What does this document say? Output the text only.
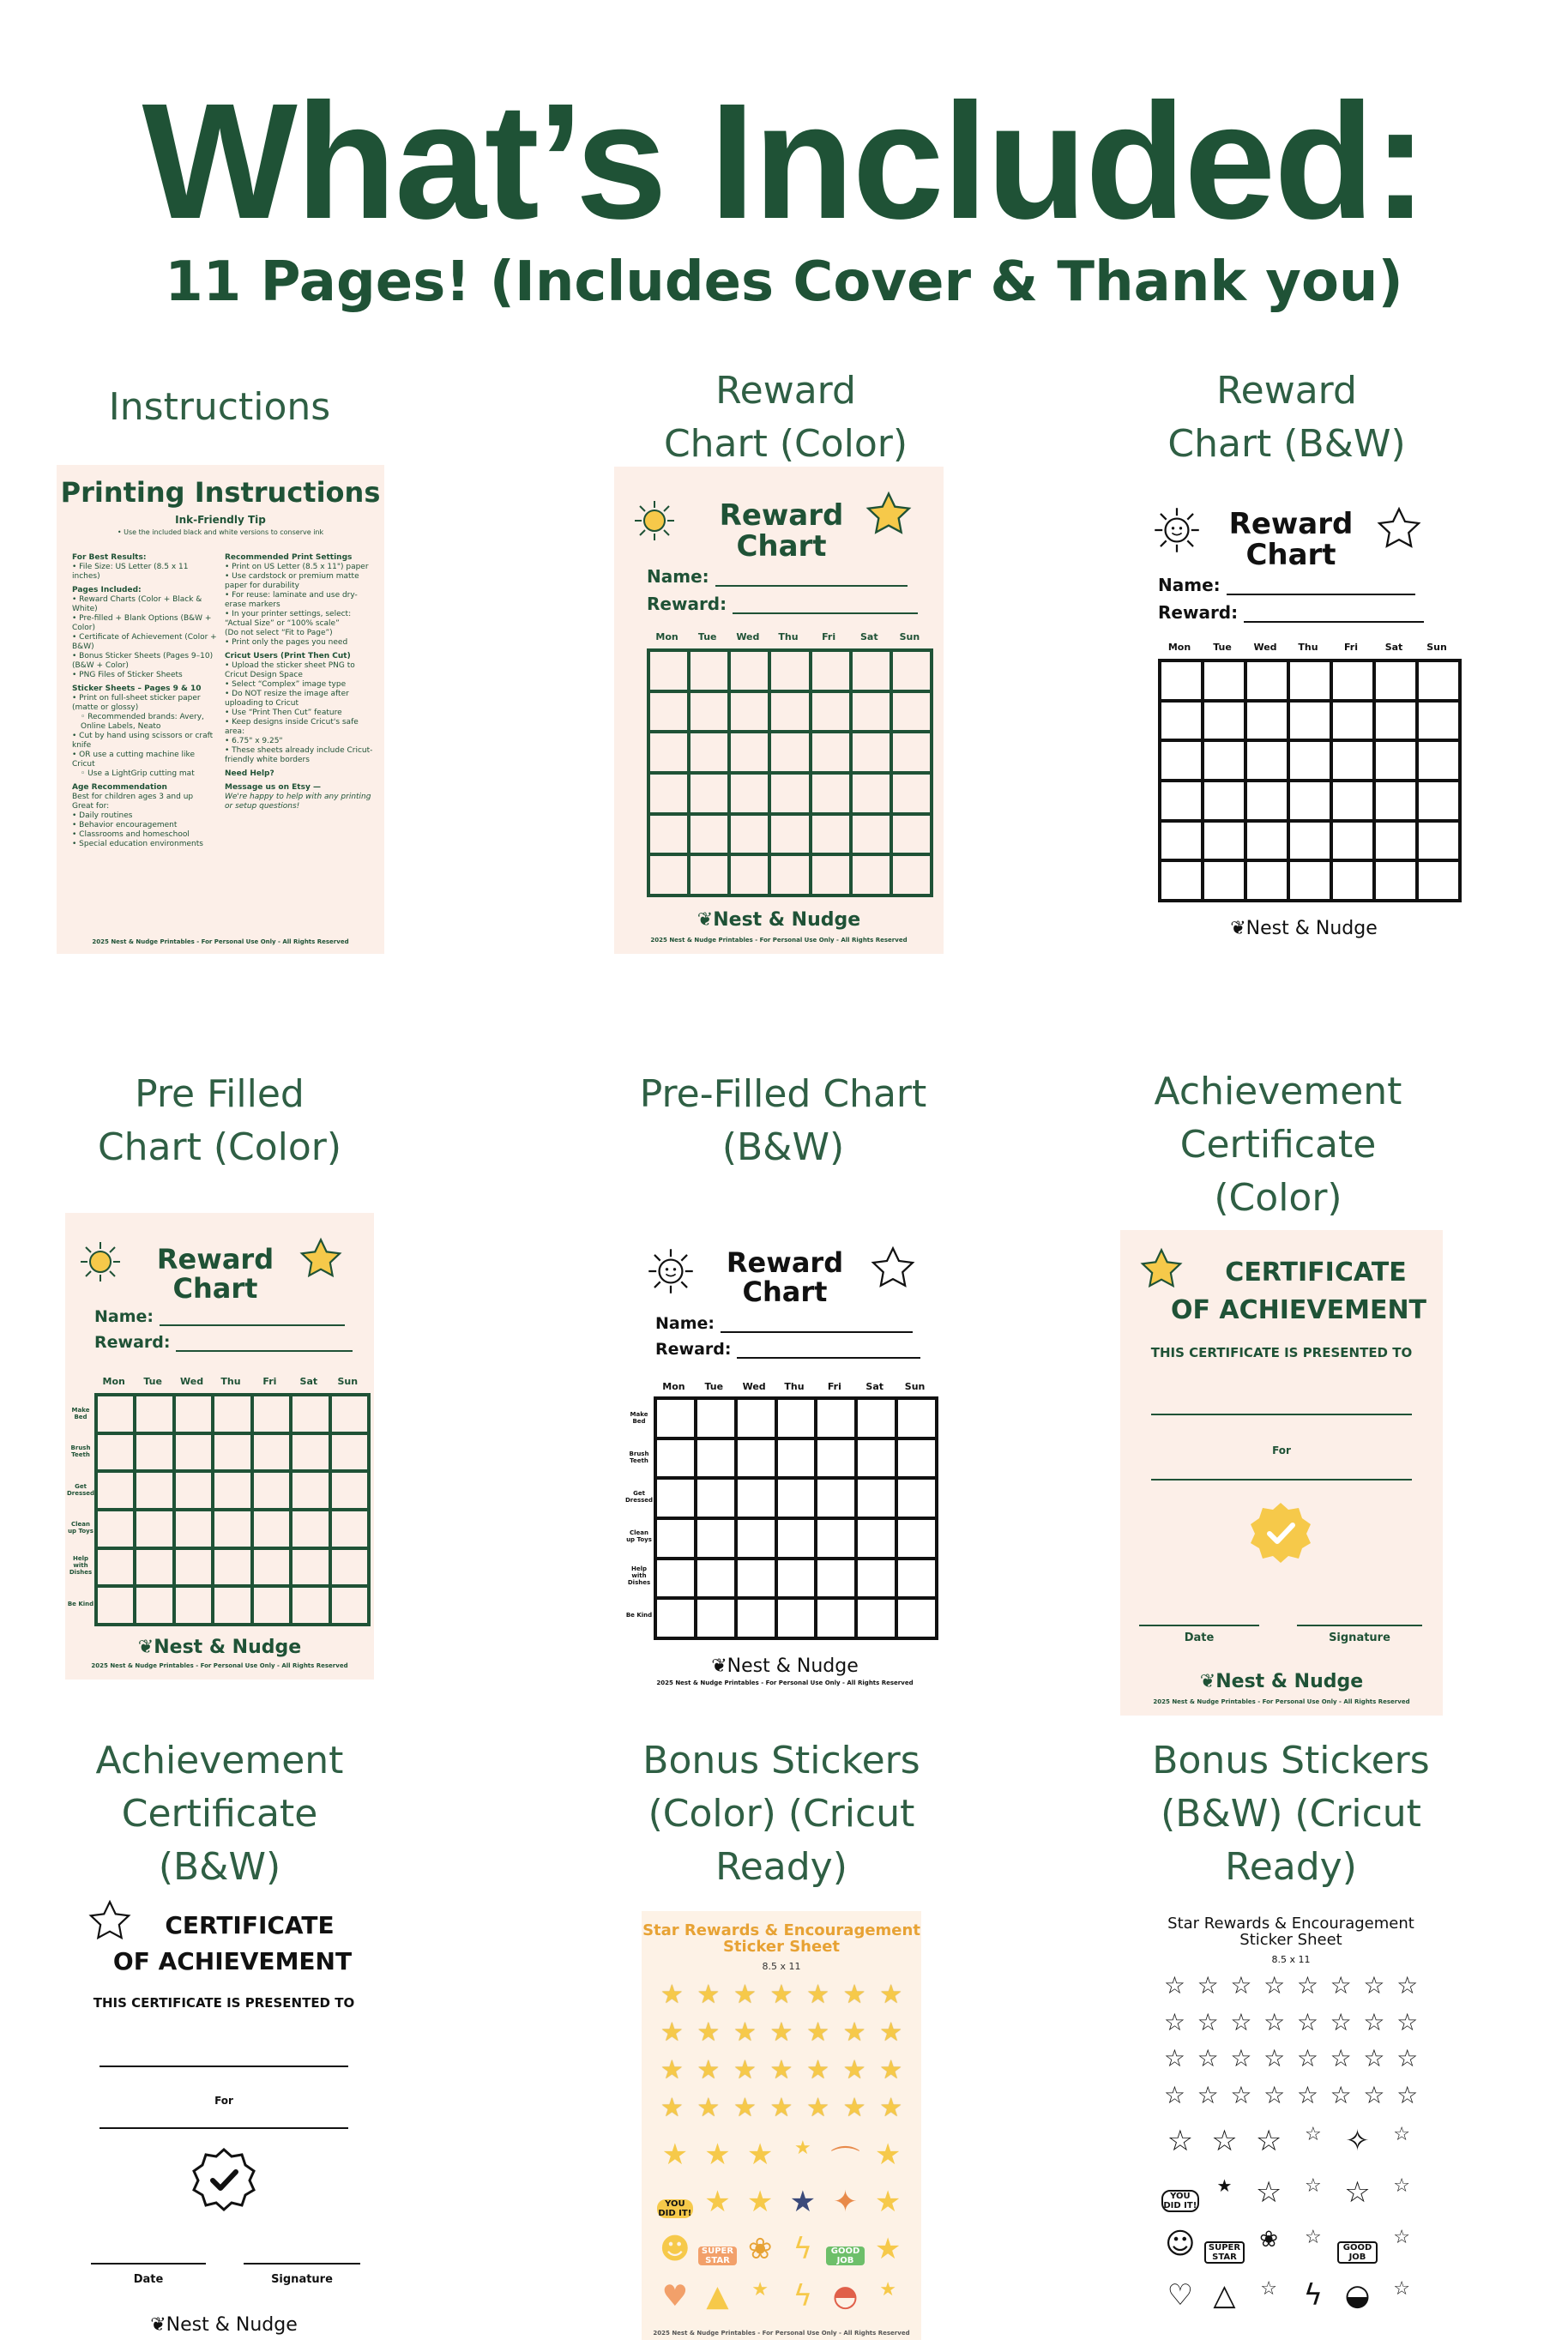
What’s Included:
11 Pages! (Includes Cover & Thank you)
Instructions	Reward
Chart (Color)
Reward
Chart (B&W)
Pre Filled
Chart (Color)
Pre-Filled Chart
(B&W)
Achievement
Certificate
(Color)
Achievement
Certificate
(B&W)
Bonus Stickers
(Color) (Cricut
Ready)
Bonus Stickers
(B&W) (Cricut
Ready)
Printing Instructions
Ink-Friendly Tip
• Use the included black and white versions to conserve ink
For Best Results:
• File Size: US Letter (8.5 x 11 inches)
Pages Included:
• Reward Charts (Color + Black & White)
• Pre-filled + Blank Options (B&W + Color)
• Certificate of Achievement (Color + B&W)
• Bonus Sticker Sheets (Pages 9–10) (B&W + Color)
• PNG Files of Sticker Sheets
Sticker Sheets – Pages 9 & 10
• Print on full-sheet sticker paper (matte or glossy)
◦ Recommended brands: Avery, Online Labels, Neato
• Cut by hand using scissors or craft knife
• OR use a cutting machine like Cricut
◦ Use a LightGrip cutting mat
Age Recommendation
Best for children ages 3 and up
Great for:
• Daily routines
• Behavior encouragement
• Classrooms and homeschool
• Special education environments
Recommended Print Settings
• Print on US Letter (8.5 x 11") paper
• Use cardstock or premium matte paper for durability
• For reuse: laminate and use dry-erase markers
• In your printer settings, select: “Actual Size” or “100% scale”
(Do not select “Fit to Page”)
• Print only the pages you need
Cricut Users (Print Then Cut)
• Upload the sticker sheet PNG to Cricut Design Space
• Select “Complex” image type
• Do NOT resize the image after uploading to Cricut
• Use “Print Then Cut” feature
• Keep designs inside Cricut's safe area:
• 6.75" x 9.25"
• These sheets already include Cricut-friendly white borders
Need Help?
Message us on Etsy —
We're happy to help with any printing or setup questions!
2025 Nest & Nudge Printables - For Personal Use Only - All Rights Reserved
Reward
Chart
Name:
Reward:
Mon	Tue	Wed	Thu	Fri	Sat	Sun
❦Nest & Nudge
2025 Nest & Nudge Printables - For Personal Use Only - All Rights Reserved
Reward
Chart
Name:
Reward:
Mon	Tue	Wed	Thu	Fri	Sat	Sun
❦Nest & Nudge
Reward
Chart
Name:
Reward:
Mon	Tue	Wed	Thu	Fri	Sat	Sun
Make Bed
Brush Teeth
Get Dressed
Clean up Toys
Help with Dishes
Be Kind
❦Nest & Nudge
2025 Nest & Nudge Printables - For Personal Use Only - All Rights Reserved
Reward
Chart
Name:
Reward:
Mon	Tue	Wed	Thu	Fri	Sat	Sun
Make Bed
Brush Teeth
Get Dressed
Clean up Toys
Help with Dishes
Be Kind
❦Nest & Nudge
2025 Nest & Nudge Printables - For Personal Use Only - All Rights Reserved
CERTIFICATE
OF ACHIEVEMENT
THIS CERTIFICATE IS PRESENTED TO
For
Date	Signature
❦Nest & Nudge
2025 Nest & Nudge Printables - For Personal Use Only - All Rights Reserved
CERTIFICATE
OF ACHIEVEMENT
THIS CERTIFICATE IS PRESENTED TO
For
Date	Signature
❦Nest & Nudge
Star Rewards & Encouragement
Sticker Sheet
8.5 x 11
★ ★ ★ ★ ★ ★ ★
★ ★ ★ ★ ★ ★ ★
★ ★ ★ ★ ★ ★ ★
★ ★ ★ ★ ★ ★ ★
★ ★ ★	★ ⌒ ★
YOU DID IT! ★ ★ ★ ✦ ★
☻	SUPER STAR ❀ ϟ	GOOD JOB ★
♥ ▲	★ ϟ ◓	★
2025 Nest & Nudge Printables - For Personal Use Only - All Rights Reserved
Star Rewards & Encouragement
Sticker Sheet
8.5 x 11
☆ ☆ ☆ ☆ ☆ ☆ ☆ ☆
☆ ☆ ☆ ☆ ☆ ☆ ☆ ☆
☆ ☆ ☆ ☆ ☆ ☆ ☆ ☆
☆ ☆ ☆ ☆ ☆ ☆ ☆ ☆
☆ ☆ ☆	☆ ✧	☆
YOU DID IT!
★ ☆	☆ ☆	☆
☺	SUPER STAR
❀	☆	GOOD JOB
☆
♡ △	☆ ϟ ◒	☆
